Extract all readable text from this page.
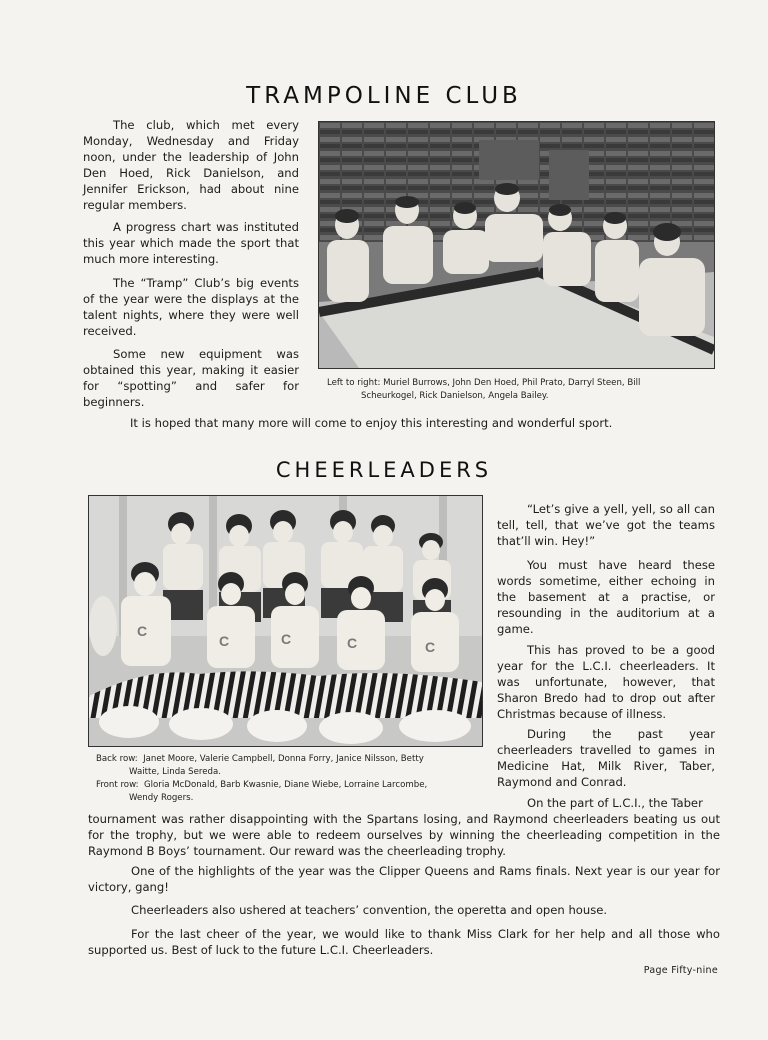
TRAMPOLINE CLUB

The club, which met every Monday, Wednesday and Friday noon, under the leadership of John Den Hoed, Rick Danielson, and Jennifer Erickson, had about nine regular members.

A progress chart was instituted this year which made the sport that much more interesting.

The “Tramp” Club’s big events of the year were the displays at the talent nights, where they were well received.

Some new equipment was obtained this year, making it easier for “spotting” and safer for beginners.

Left to right: Muriel Burrows, John Den Hoed, Phil Prato, Darryl Steen, Bill
Scheurkogel, Rick Danielson, Angela Bailey.

It is hoped that many more will come to enjoy this interesting and wonderful sport.

CHEERLEADERS
C
C	C	C	C
Back row: Janet Moore, Valerie Campbell, Donna Forry, Janice Nilsson, Betty
Waitte, Linda Sereda.
Front row: Gloria McDonald, Barb Kwasnie, Diane Wiebe, Lorraine Larcombe,
Wendy Rogers.

“Let’s give a yell, yell, so all can tell, tell, that we’ve got the teams that’ll win. Hey!”

You must have heard these words sometime, either echoing in the basement at a practise, or resounding in the auditorium at a game.

This has proved to be a good year for the L.C.I. cheerleaders. It was unfortunate, however, that Sharon Bredo had to drop out after Christmas because of illness.

During the past year cheerleaders travelled to games in Medicine Hat, Milk River, Taber, Raymond and Conrad.

On the part of L.C.I., the Taber

tournament was rather disappointing with the Spartans losing, and Raymond cheerleaders beating us out for the trophy, but we were able to redeem ourselves by winning the cheerleading competition in the Raymond B Boys’ tournament. Our reward was the cheerleading trophy.

One of the highlights of the year was the Clipper Queens and Rams finals. Next year is our year for victory, gang!

Cheerleaders also ushered at teachers’ convention, the operetta and open house.

For the last cheer of the year, we would like to thank Miss Clark for her help and all those who supported us. Best of luck to the future L.C.I. Cheerleaders.

Page Fifty-nine
